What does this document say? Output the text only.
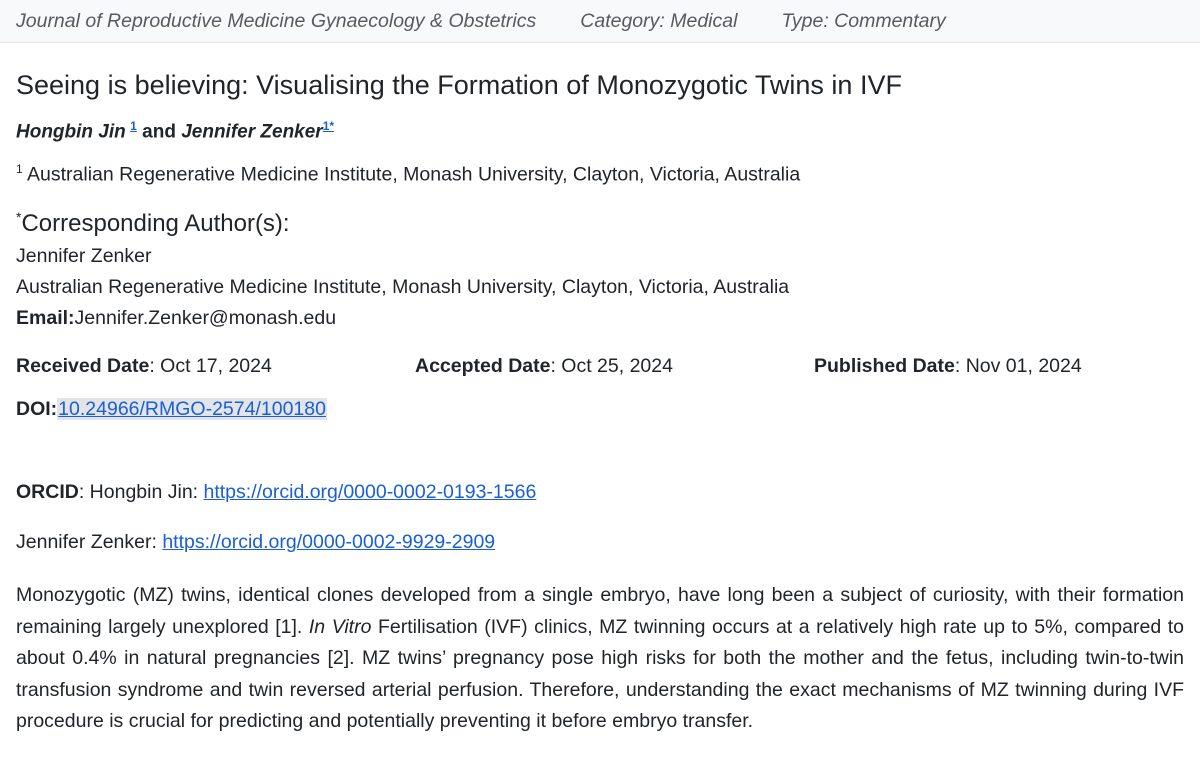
Journal of Reproductive Medicine Gynaecology & Obstetrics Category: Medical Type: Commentary
Seeing is believing: Visualising the Formation of Monozygotic Twins in IVF
Hongbin Jin $^1$ and Jennifer Zenker$^{1*}$
$^1$ Australian Regenerative Medicine Institute, Monash University, Clayton, Victoria, Australia
*Corresponding Author(s):
Jennifer Zenker
Australian Regenerative Medicine Institute, Monash University, Clayton, Victoria, Australia
Email:Jennifer.Zenker@monash.edu
Received Date: Oct 17, 2024	Accepted Date: Oct 25, 2024	Published Date: Nov 01, 2024
DOI:10.24966/RMGO-2574/100180
ORCID: Hongbin Jin: https://orcid.org/0000-0002-0193-1566
Jennifer Zenker: https://orcid.org/0000-0002-9929-2909

Monozygotic (MZ) twins, identical clones developed from a single embryo, have long been a subject of curiosity, with their formation remaining largely unexplored [1]. In Vitro Fertilisation (IVF) clinics, MZ twinning occurs at a relatively high rate up to 5%, compared to about 0.4% in natural pregnancies [2]. MZ twins’ pregnancy pose high risks for both the mother and the fetus, including twin-to-twin transfusion syndrome and twin reversed arterial perfusion. Therefore, understanding the exact mechanisms of MZ twinning during IVF procedure is crucial for predicting and potentially preventing it before embryo transfer.
